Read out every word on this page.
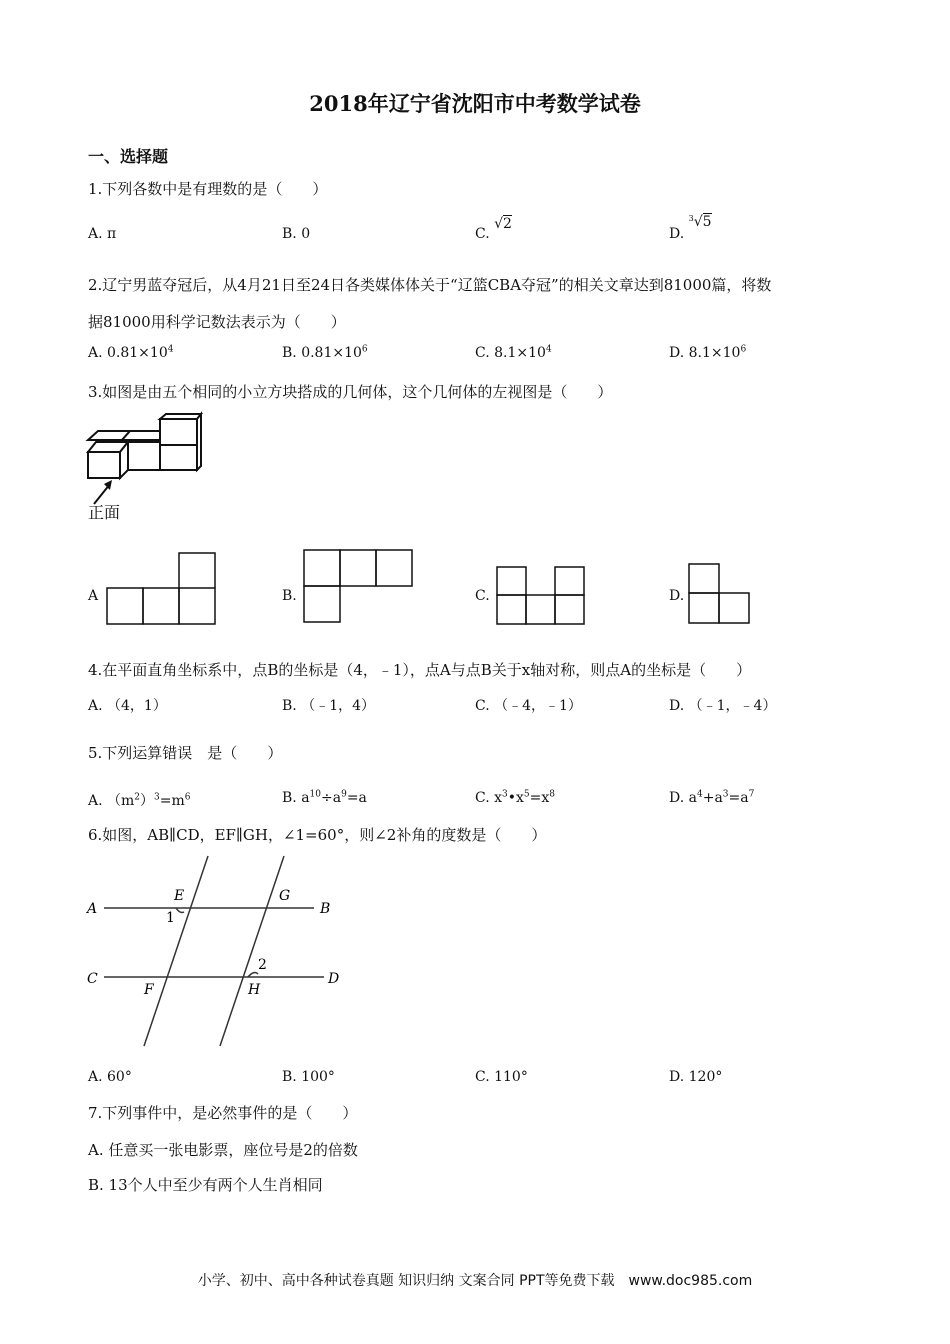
2018年辽宁省沈阳市中考数学试卷
一、选择题
1.下列各数中是有理数的是（　　）
A. π	B. 0	C. √2
D. $^3$√5
2.辽宁男蓝夺冠后，从4月21日至24日各类媒体体关于“辽篮CBA夺冠”的相关文章达到81000篇，将数
据81000用科学记数法表示为（　　）
A. $0.81\times 10^4$	B. $0.81\times 10^6$	C. $8.1\times 10^4$	D. $8.1\times 10^6$
3.如图是由五个相同的小立方块搭成的几何体，这个几何体的左视图是（　　）
正面
A	B.	C.	D.
4.在平面直角坐标系中，点B的坐标是（4，﹣1），点A与点B关于x轴对称，则点A的坐标是（　　）
A. （4，1）	B. （﹣1，4）	C. （﹣4，﹣1）	D. （﹣1，﹣4）
5.下列运算错误　是（　　）
A. $(m^2)^3=m^6$	B. $a^{10}\div a^9=a$	C. $x^3•x^5=x^8$	D. $a^4+a^3=a^7$
6.如图，AB∥CD，EF∥GH，∠1=60°，则∠2补角的度数是（　　）
A	B
C	D
E
F
G
H
1
2
A. 60°	B. 100°	C. 110°	D. 120°
7.下列事件中，是必然事件的是（　　）
A. 任意买一张电影票，座位号是2的倍数
B. 13个人中至少有两个人生肖相同
小学、初中、高中各种试卷真题 知识归纳 文案合同 PPT等免费下载　www.doc985.com
